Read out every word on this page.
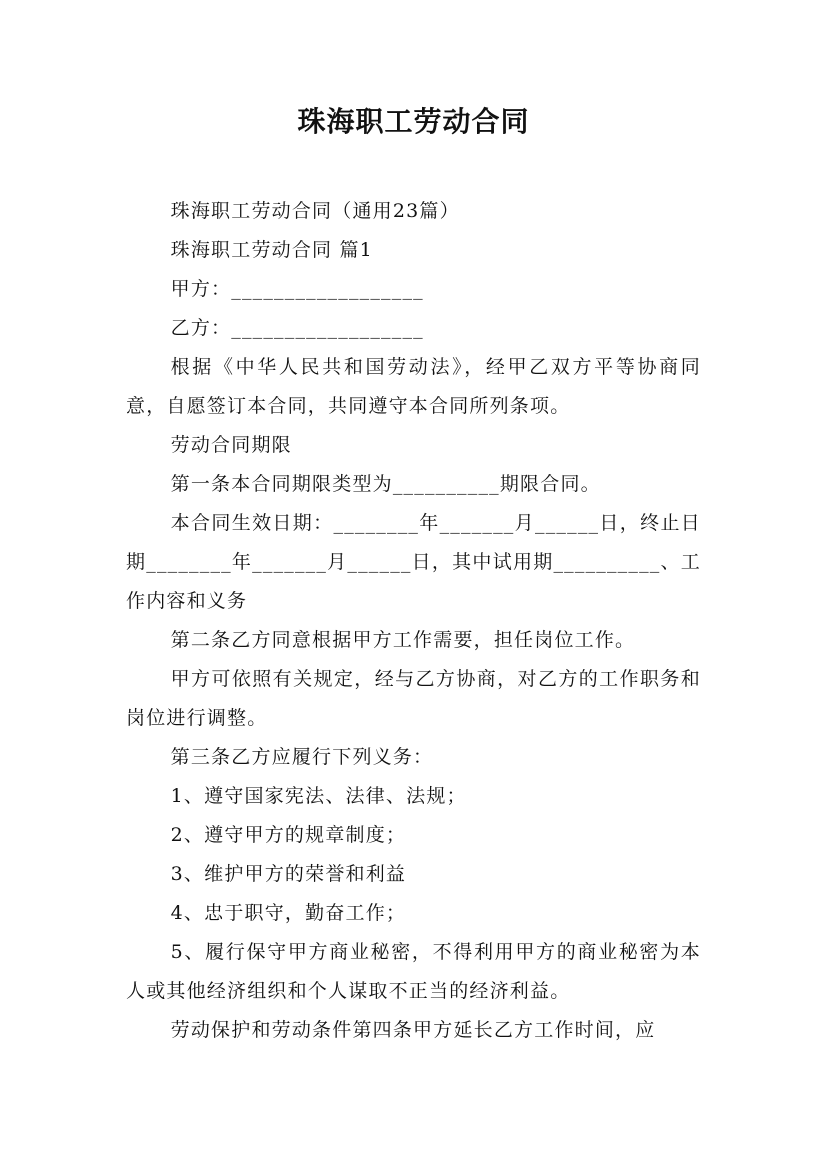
珠海职工劳动合同

珠海职工劳动合同（通用23篇）

珠海职工劳动合同 篇1

甲方：__________________

乙方：__________________

根据《中华人民共和国劳动法》，经甲乙双方平等协商同意，自愿签订本合同，共同遵守本合同所列条项。

劳动合同期限

第一条本合同期限类型为__________期限合同。

本合同生效日期：________年_______月______日，终止日期________年_______月______日，其中试用期__________、工作内容和义务

第二条乙方同意根据甲方工作需要，担任岗位工作。

甲方可依照有关规定，经与乙方协商，对乙方的工作职务和岗位进行调整。

第三条乙方应履行下列义务：

1、遵守国家宪法、法律、法规；

2、遵守甲方的规章制度；

3、维护甲方的荣誉和利益

4、忠于职守，勤奋工作；

5、履行保守甲方商业秘密，不得利用甲方的商业秘密为本人或其他经济组织和个人谋取不正当的经济利益。

劳动保护和劳动条件第四条甲方延长乙方工作时间，应
